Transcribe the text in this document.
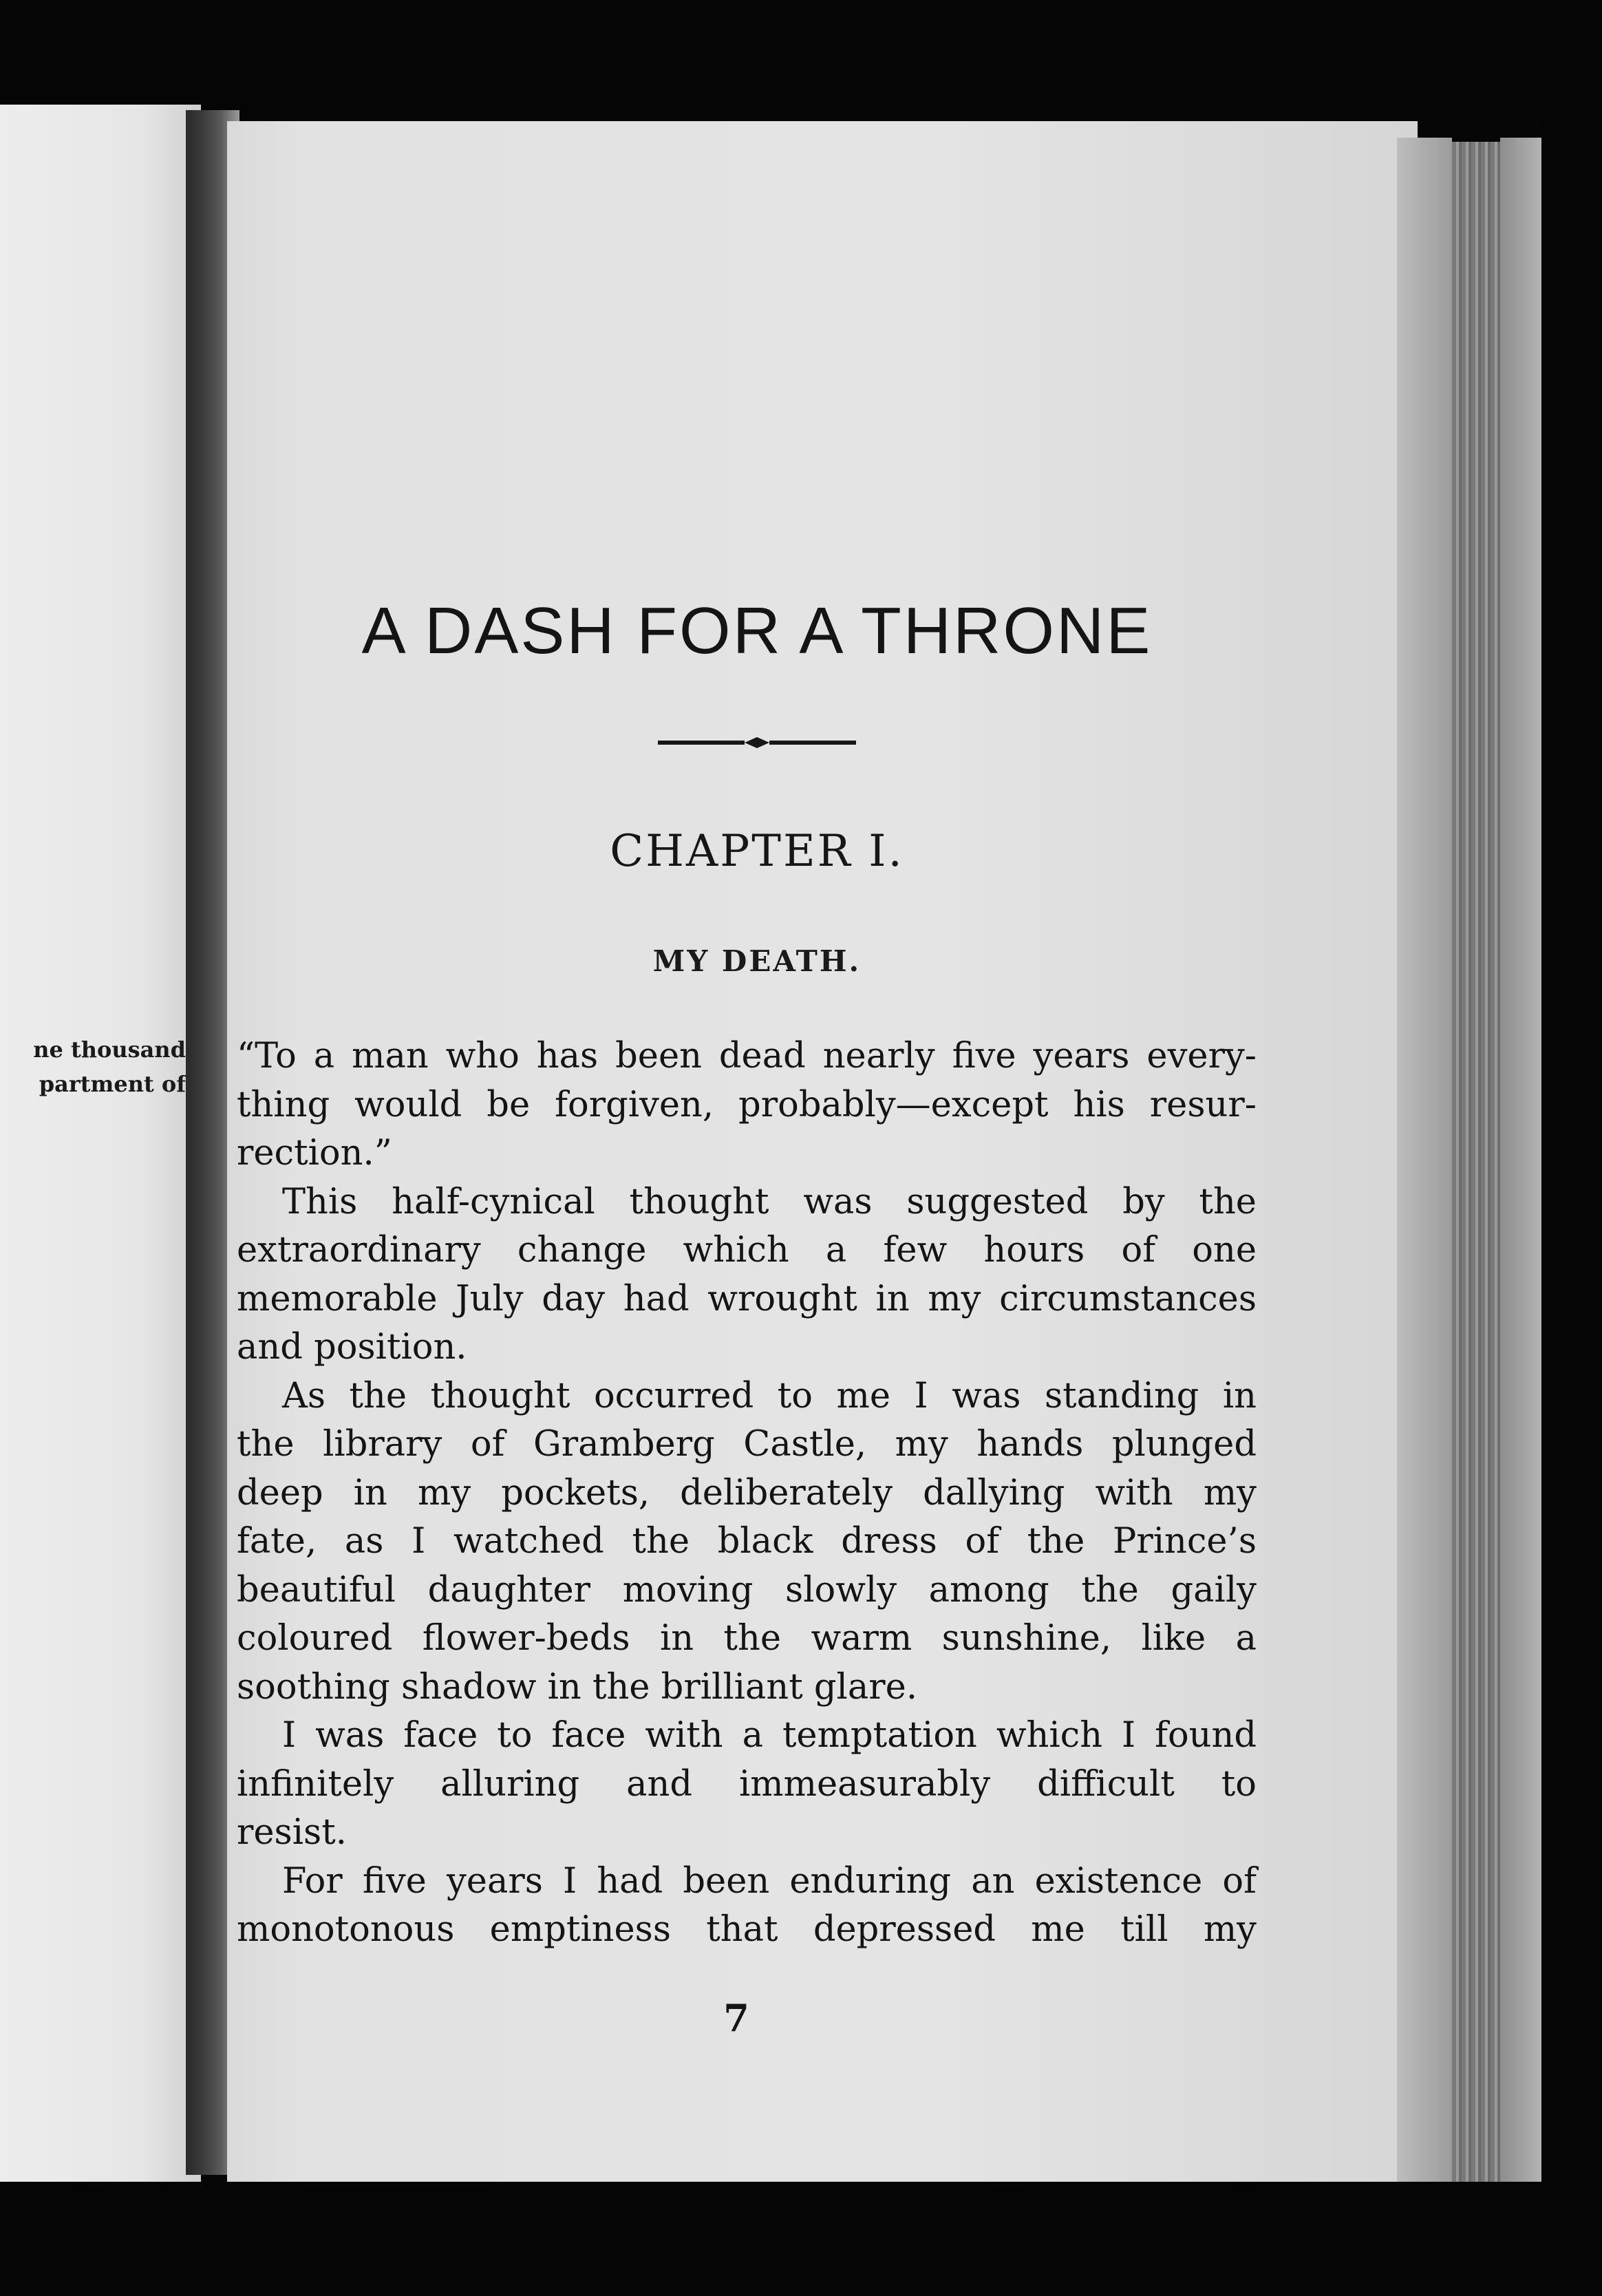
ne thousand
partment of
A DASH FOR A THRONE
CHAPTER I.
MY DEATH.
“To a man who has been dead nearly five years every-
thing would be forgiven, probably—except his resur-
rection.”
This half-cynical thought was suggested by the
extraordinary change which a few hours of one
memorable July day had wrought in my circumstances
and position.
As the thought occurred to me I was standing in
the library of Gramberg Castle, my hands plunged
deep in my pockets, deliberately dallying with my
fate, as I watched the black dress of the Prince’s
beautiful daughter moving slowly among the gaily
coloured flower-beds in the warm sunshine, like a
soothing shadow in the brilliant glare.
I was face to face with a temptation which I found
infinitely alluring and immeasurably difficult to
resist.
For five years I had been enduring an existence of
monotonous emptiness that depressed me till my
7
